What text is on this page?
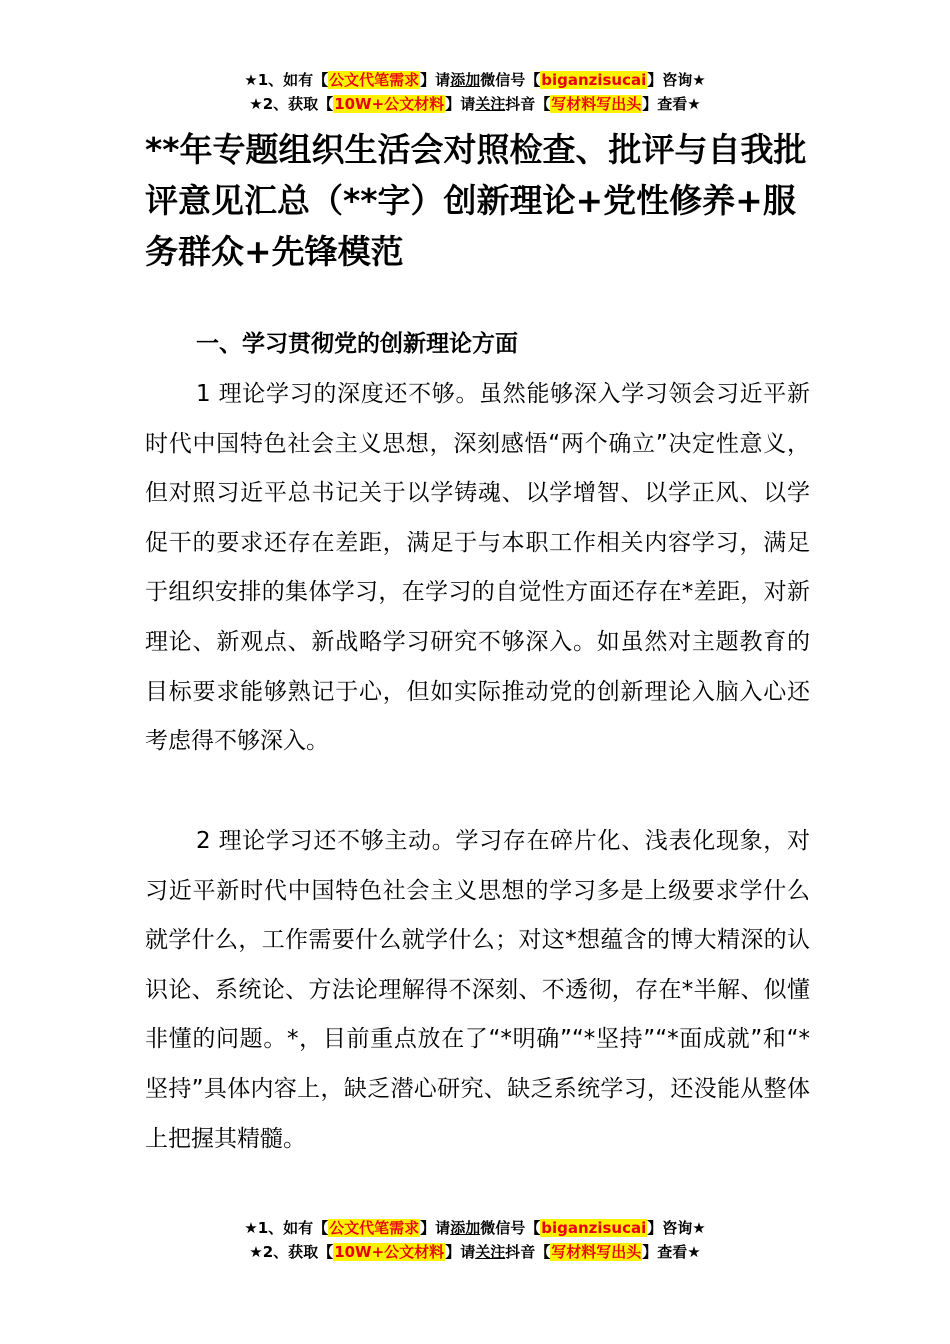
★1、如有【公文代笔需求】请添加微信号【biganzisucai】咨询★
★2、获取【10W+公文材料】请关注抖音【写材料写出头】查看★
**年专题组织生活会对照检查、批评与自我批评意见汇总（**字）创新理论+党性修养+服务群众+先锋模范
一、学习贯彻党的创新理论方面

1 理论学习的深度还不够。虽然能够深入学习领会习近平新时代中国特色社会主义思想，深刻感悟“两个确立”决定性意义，但对照习近平总书记关于以学铸魂、以学增智、以学正风、以学促干的要求还存在差距，满足于与本职工作相关内容学习，满足于组织安排的集体学习，在学习的自觉性方面还存在*差距，对新理论、新观点、新战略学习研究不够深入。如虽然对主题教育的目标要求能够熟记于心，但如实际推动党的创新理论入脑入心还考虑得不够深入。

2 理论学习还不够主动。学习存在碎片化、浅表化现象，对习近平新时代中国特色社会主义思想的学习多是上级要求学什么就学什么，工作需要什么就学什么；对这*想蕴含的博大精深的认识论、系统论、方法论理解得不深刻、不透彻，存在*半解、似懂非懂的问题。*，目前重点放在了“*明确”“*坚持”“*面成就”和“*坚持”具体内容上，缺乏潜心研究、缺乏系统学习，还没能从整体上把握其精髓。

★1、如有【公文代笔需求】请添加微信号【biganzisucai】咨询★
★2、获取【10W+公文材料】请关注抖音【写材料写出头】查看★
